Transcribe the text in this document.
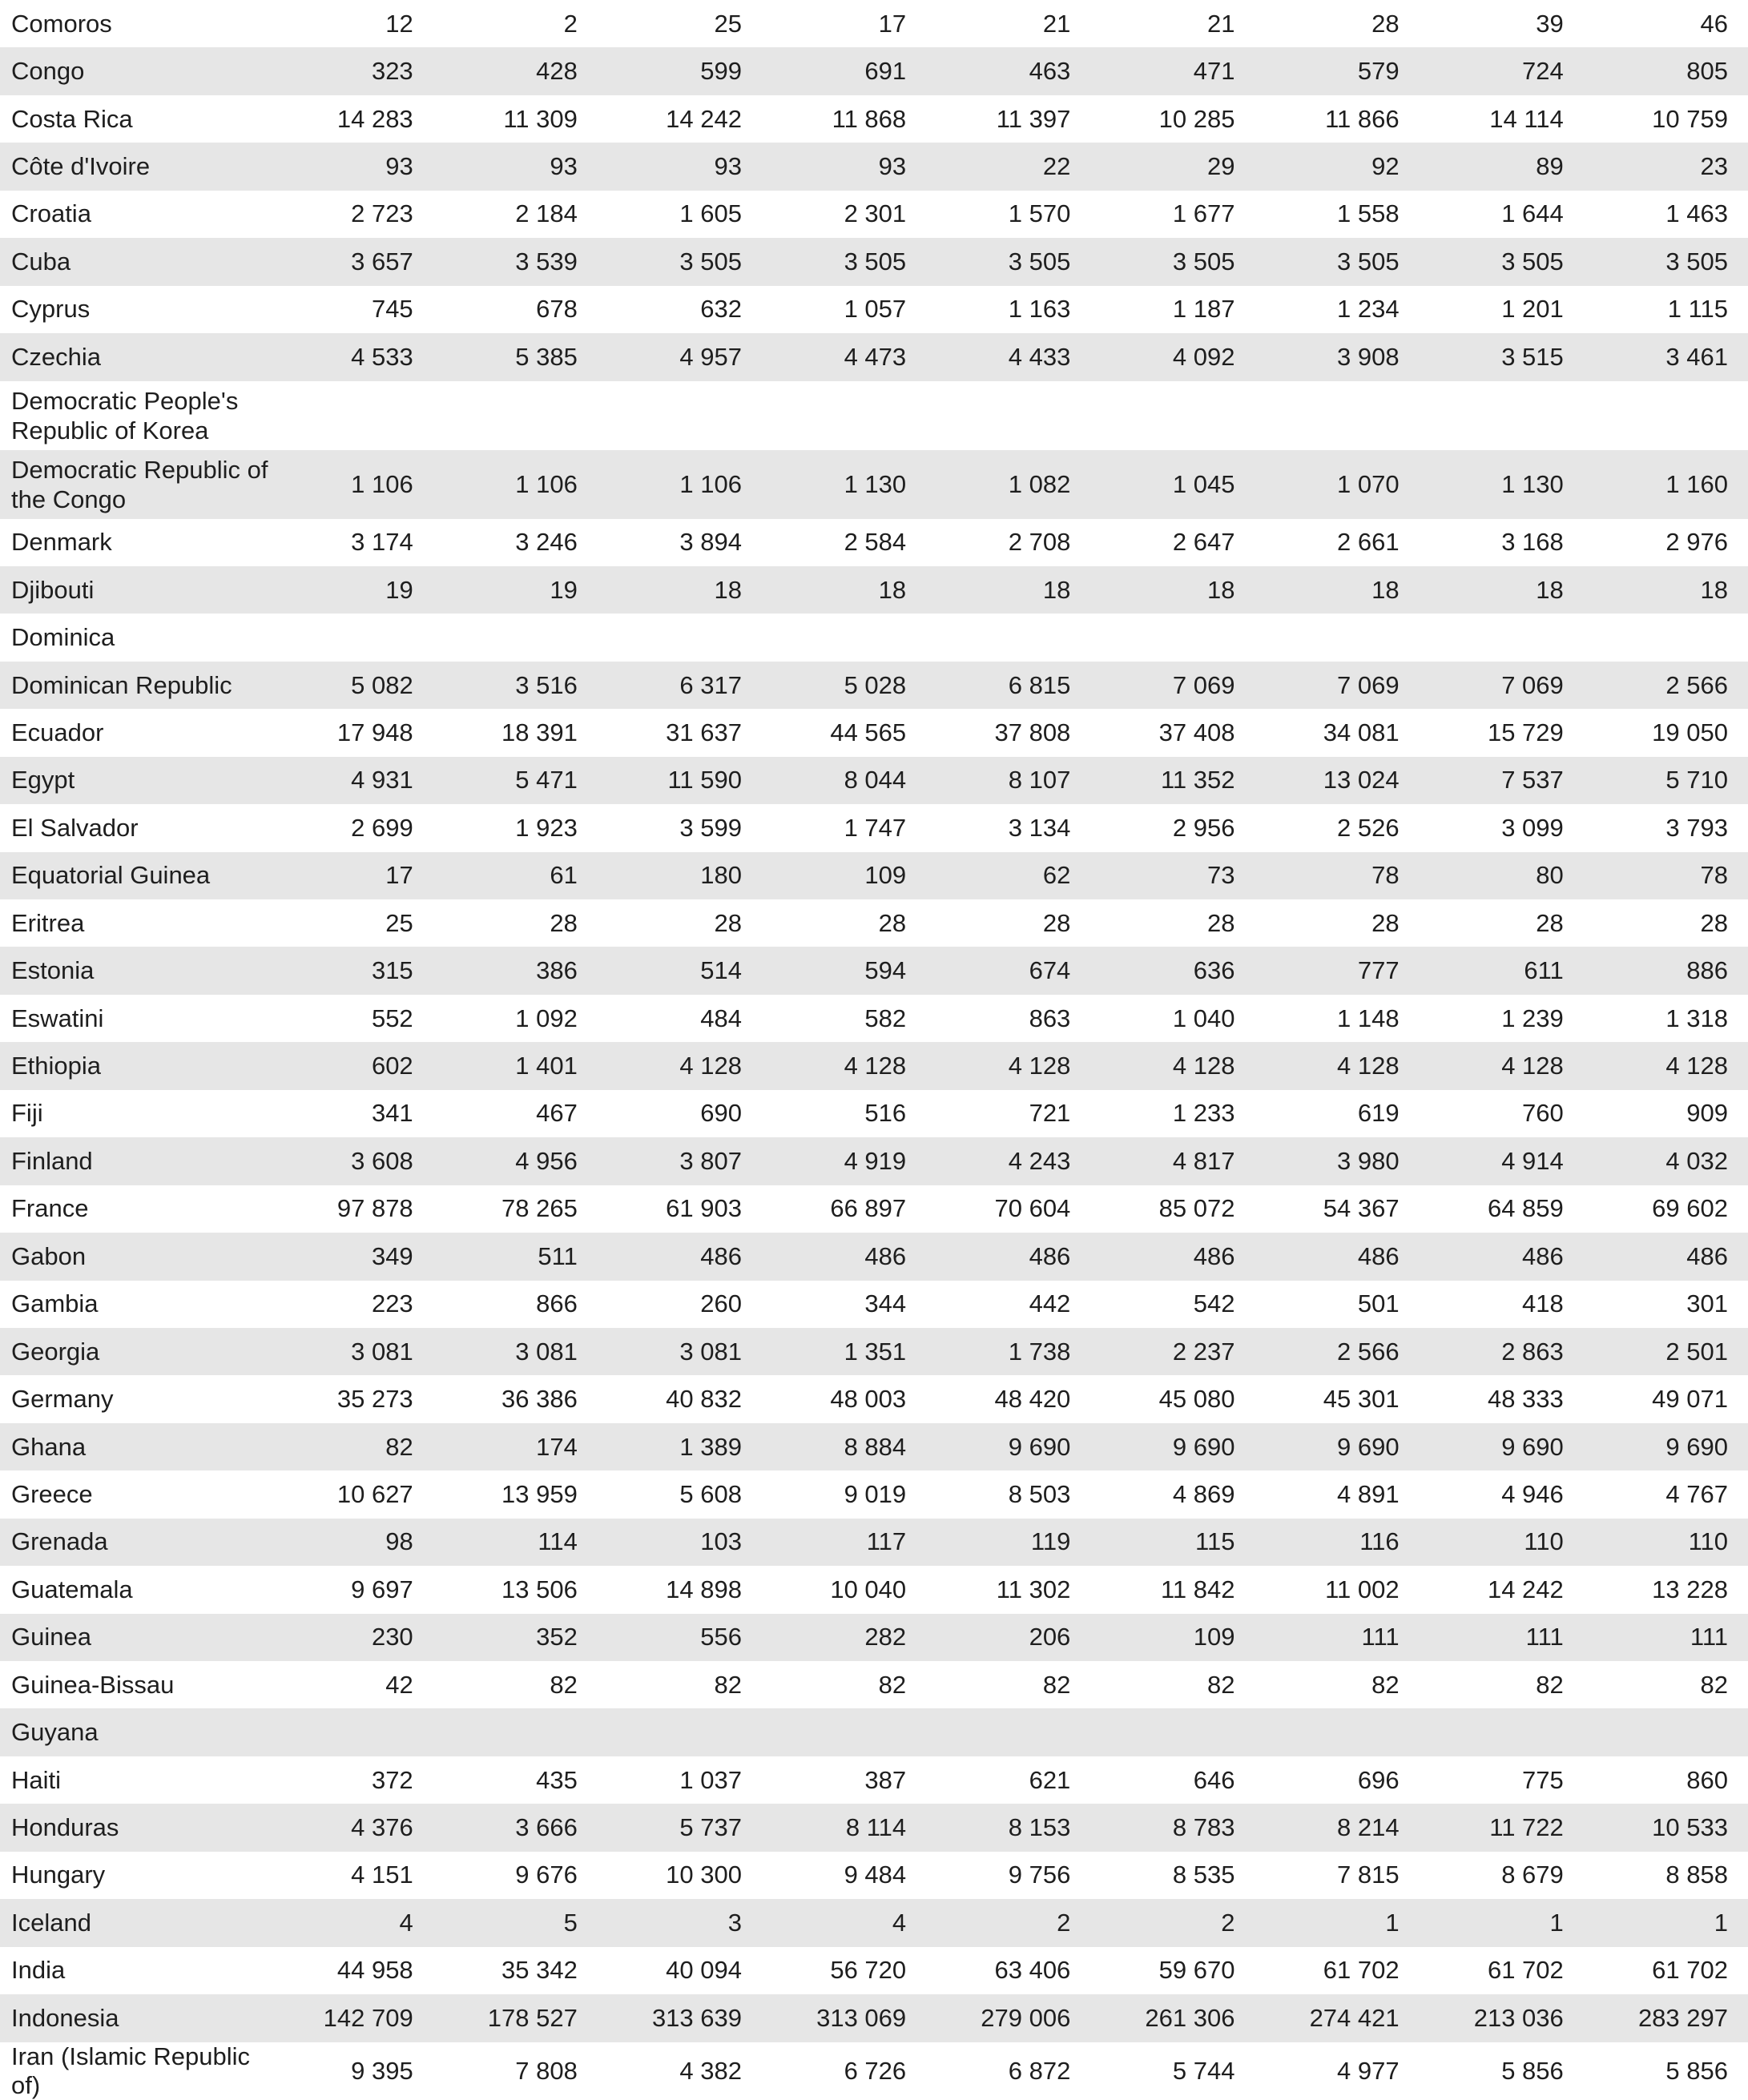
Comoros	12	2	25	17	21	21	28	39	46
Congo	323	428	599	691	463	471	579	724	805
Costa Rica	14 283	11 309	14 242	11 868	11 397	10 285	11 866	14 114	10 759
Côte d'Ivoire	93	93	93	93	22	29	92	89	23
Croatia	2 723	2 184	1 605	2 301	1 570	1 677	1 558	1 644	1 463
Cuba	3 657	3 539	3 505	3 505	3 505	3 505	3 505	3 505	3 505
Cyprus	745	678	632	1 057	1 163	1 187	1 234	1 201	1 115
Czechia	4 533	5 385	4 957	4 473	4 433	4 092	3 908	3 515	3 461
Democratic People's Republic of Korea									
Democratic Republic of the Congo	1 106	1 106	1 106	1 130	1 082	1 045	1 070	1 130	1 160
Denmark	3 174	3 246	3 894	2 584	2 708	2 647	2 661	3 168	2 976
Djibouti	19	19	18	18	18	18	18	18	18
Dominica									
Dominican Republic	5 082	3 516	6 317	5 028	6 815	7 069	7 069	7 069	2 566
Ecuador	17 948	18 391	31 637	44 565	37 808	37 408	34 081	15 729	19 050
Egypt	4 931	5 471	11 590	8 044	8 107	11 352	13 024	7 537	5 710
El Salvador	2 699	1 923	3 599	1 747	3 134	2 956	2 526	3 099	3 793
Equatorial Guinea	17	61	180	109	62	73	78	80	78
Eritrea	25	28	28	28	28	28	28	28	28
Estonia	315	386	514	594	674	636	777	611	886
Eswatini	552	1 092	484	582	863	1 040	1 148	1 239	1 318
Ethiopia	602	1 401	4 128	4 128	4 128	4 128	4 128	4 128	4 128
Fiji	341	467	690	516	721	1 233	619	760	909
Finland	3 608	4 956	3 807	4 919	4 243	4 817	3 980	4 914	4 032
France	97 878	78 265	61 903	66 897	70 604	85 072	54 367	64 859	69 602
Gabon	349	511	486	486	486	486	486	486	486
Gambia	223	866	260	344	442	542	501	418	301
Georgia	3 081	3 081	3 081	1 351	1 738	2 237	2 566	2 863	2 501
Germany	35 273	36 386	40 832	48 003	48 420	45 080	45 301	48 333	49 071
Ghana	82	174	1 389	8 884	9 690	9 690	9 690	9 690	9 690
Greece	10 627	13 959	5 608	9 019	8 503	4 869	4 891	4 946	4 767
Grenada	98	114	103	117	119	115	116	110	110
Guatemala	9 697	13 506	14 898	10 040	11 302	11 842	11 002	14 242	13 228
Guinea	230	352	556	282	206	109	111	111	111
Guinea-Bissau	42	82	82	82	82	82	82	82	82
Guyana									
Haiti	372	435	1 037	387	621	646	696	775	860
Honduras	4 376	3 666	5 737	8 114	8 153	8 783	8 214	11 722	10 533
Hungary	4 151	9 676	10 300	9 484	9 756	8 535	7 815	8 679	8 858
Iceland	4	5	3	4	2	2	1	1	1
India	44 958	35 342	40 094	56 720	63 406	59 670	61 702	61 702	61 702
Indonesia	142 709	178 527	313 639	313 069	279 006	261 306	274 421	213 036	283 297
Iran (Islamic Republic of)	9 395	7 808	4 382	6 726	6 872	5 744	4 977	5 856	5 856
